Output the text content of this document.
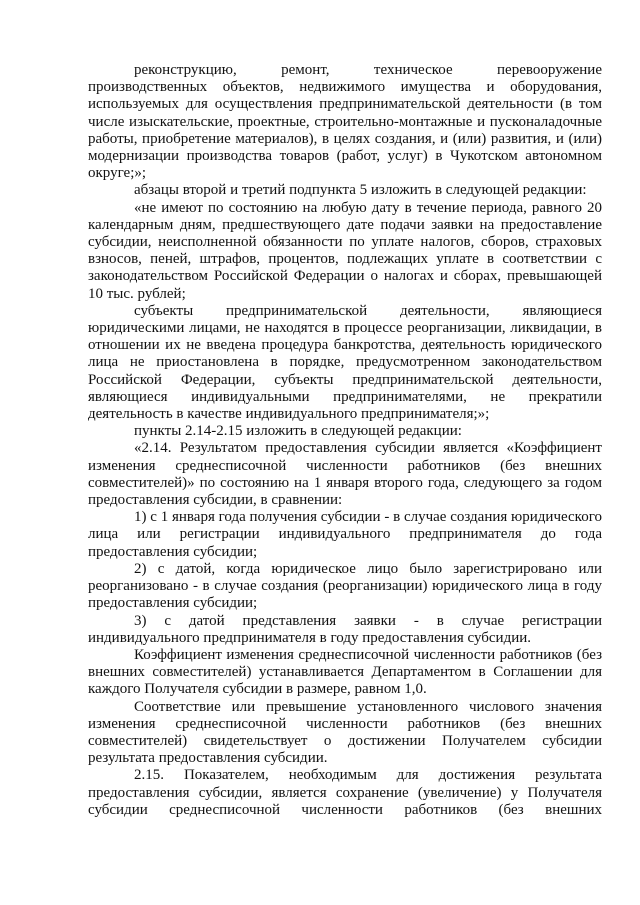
реконструкцию, ремонт, техническое перевооружение производственных объектов, недвижимого имущества и оборудования, используемых для осуществления предпринимательской деятельности (в том числе изыскательские, проектные, строительно-монтажные и пусконаладочные работы, приобретение материалов), в целях создания, и (или) развития, и (или) модернизации производства товаров (работ, услуг) в Чукотском автономном округе;»;

абзацы второй и третий подпункта 5 изложить в следующей редакции:

«не имеют по состоянию на любую дату в течение периода, равного 20 календарным дням, предшествующего дате подачи заявки на предоставление субсидии, неисполненной обязанности по уплате налогов, сборов, страховых взносов, пеней, штрафов, процентов, подлежащих уплате в соответствии с законодательством Российской Федерации о налогах и сборах, превышающей 10 тыс. рублей;

субъекты предпринимательской деятельности, являющиеся юридическими лицами, не находятся в процессе реорганизации, ликвидации, в отношении их не введена процедура банкротства, деятельность юридического лица не приостановлена в порядке, предусмотренном законодательством Российской Федерации, субъекты предпринимательской деятельности, являющиеся индивидуальными предпринимателями, не прекратили деятельность в качестве индивидуального предпринимателя;»;

пункты 2.14-2.15 изложить в следующей редакции:

«2.14. Результатом предоставления субсидии является «Коэффициент изменения среднесписочной численности работников (без внешних совместителей)» по состоянию на 1 января второго года, следующего за годом предоставления субсидии, в сравнении:

1) с 1 января года получения субсидии - в случае создания юридического лица или регистрации индивидуального предпринимателя до года предоставления субсидии;

2) с датой, когда юридическое лицо было зарегистрировано или реорганизовано - в случае создания (реорганизации) юридического лица в году предоставления субсидии;

3) с датой представления заявки - в случае регистрации индивидуального предпринимателя в году предоставления субсидии.

Коэффициент изменения среднесписочной численности работников (без внешних совместителей) устанавливается Департаментом в Соглашении для каждого Получателя субсидии в размере, равном 1,0.

Соответствие или превышение установленного числового значения изменения среднесписочной численности работников (без внешних совместителей) свидетельствует о достижении Получателем субсидии результата предоставления субсидии.

2.15. Показателем, необходимым для достижения результата предоставления субсидии, является сохранение (увеличение) у Получателя субсидии среднесписочной численности работников (без внешних
